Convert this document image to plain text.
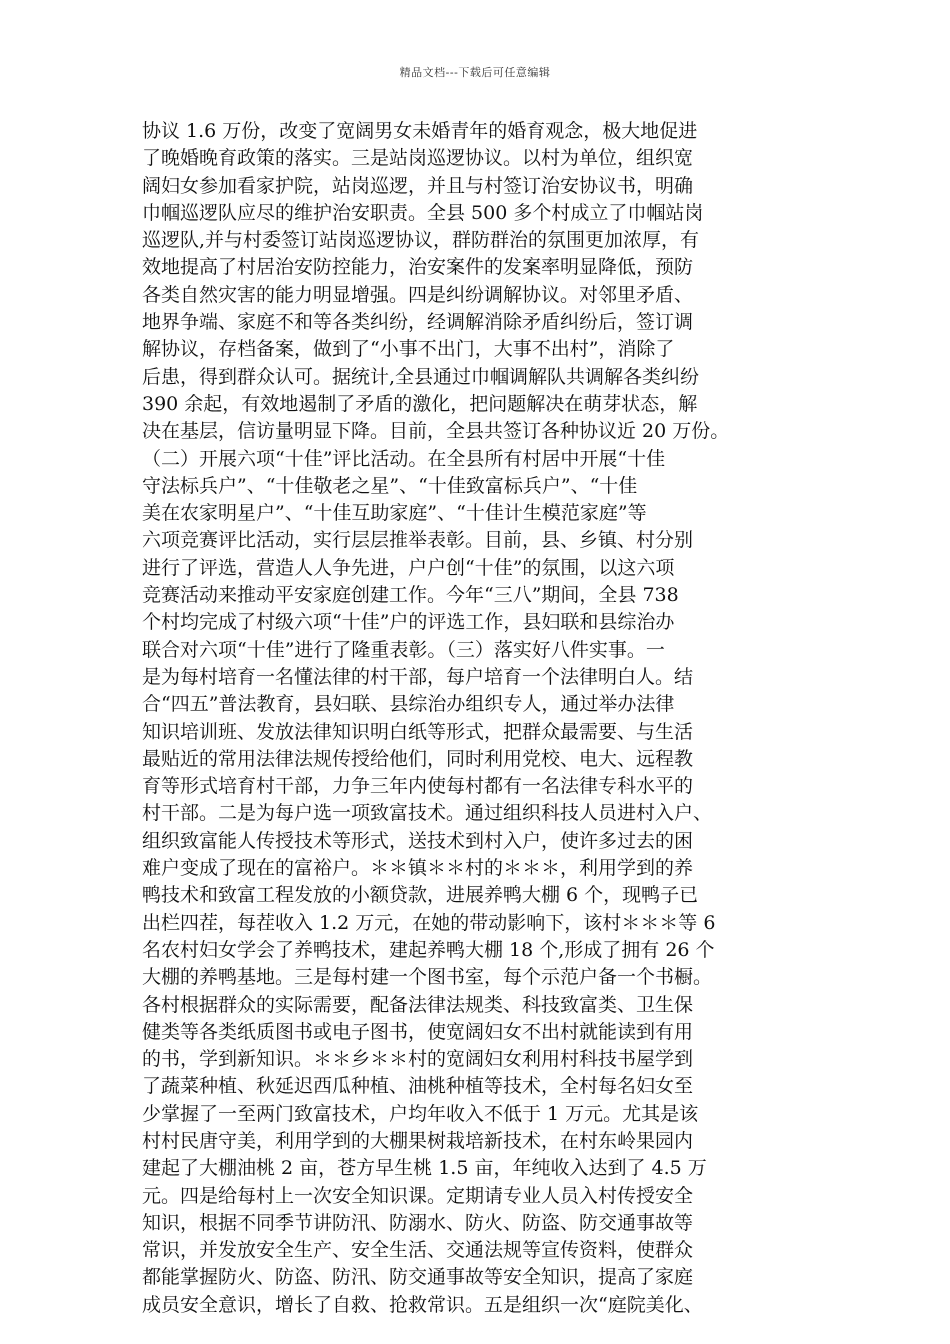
精品文档---下载后可任意编辑
协议 1.6 万份，改变了宽阔男女未婚青年的婚育观念，极大地促进
了晚婚晚育政策的落实。三是站岗巡逻协议。以村为单位，组织宽
阔妇女参加看家护院，站岗巡逻，并且与村签订治安协议书，明确
巾帼巡逻队应尽的维护治安职责。全县 500 多个村成立了巾帼站岗
巡逻队,并与村委签订站岗巡逻协议，群防群治的氛围更加浓厚，有
效地提高了村居治安防控能力，治安案件的发案率明显降低，预防
各类自然灾害的能力明显增强。四是纠纷调解协议。对邻里矛盾、
地界争端、家庭不和等各类纠纷，经调解消除矛盾纠纷后，签订调
解协议，存档备案，做到了“小事不出门，大事不出村”，消除了
后患，得到群众认可。据统计,全县通过巾帼调解队共调解各类纠纷
390 余起，有效地遏制了矛盾的激化，把问题解决在萌芽状态，解
决在基层，信访量明显下降。目前，全县共签订各种协议近 20 万份。
（二）开展六项“十佳”评比活动。在全县所有村居中开展“十佳
守法标兵户”、“十佳敬老之星”、“十佳致富标兵户”、“十佳
美在农家明星户”、“十佳互助家庭”、“十佳计生模范家庭”等
六项竞赛评比活动，实行层层推举表彰。目前，县、乡镇、村分别
进行了评选，营造人人争先进，户户创“十佳”的氛围，以这六项
竞赛活动来推动平安家庭创建工作。今年“三八”期间，全县 738
个村均完成了村级六项“十佳”户的评选工作，县妇联和县综治办
联合对六项“十佳”进行了隆重表彰。（三）落实好八件实事。一
是为每村培育一名懂法律的村干部，每户培育一个法律明白人。结
合“四五”普法教育，县妇联、县综治办组织专人，通过举办法律
知识培训班、发放法律知识明白纸等形式，把群众最需要、与生活
最贴近的常用法律法规传授给他们，同时利用党校、电大、远程教
育等形式培育村干部，力争三年内使每村都有一名法律专科水平的
村干部。二是为每户选一项致富技术。通过组织科技人员进村入户、
组织致富能人传授技术等形式，送技术到村入户，使许多过去的困
难户变成了现在的富裕户。＊＊镇＊＊村的＊＊＊，利用学到的养
鸭技术和致富工程发放的小额贷款，进展养鸭大棚 6 个，现鸭子已
出栏四茬，每茬收入 1.2 万元，在她的带动影响下，该村＊＊＊等 6
名农村妇女学会了养鸭技术，建起养鸭大棚 18 个,形成了拥有 26 个
大棚的养鸭基地。三是每村建一个图书室，每个示范户备一个书橱。
各村根据群众的实际需要，配备法律法规类、科技致富类、卫生保
健类等各类纸质图书或电子图书，使宽阔妇女不出村就能读到有用
的书，学到新知识。＊＊乡＊＊村的宽阔妇女利用村科技书屋学到
了蔬菜种植、秋延迟西瓜种植、油桃种植等技术，全村每名妇女至
少掌握了一至两门致富技术，户均年收入不低于 1 万元。尤其是该
村村民唐守美，利用学到的大棚果树栽培新技术，在村东岭果园内
建起了大棚油桃 2 亩，苍方早生桃 1.5 亩，年纯收入达到了 4.5 万
元。四是给每村上一次安全知识课。定期请专业人员入村传授安全
知识，根据不同季节讲防汛、防溺水、防火、防盗、防交通事故等
常识，并发放安全生产、安全生活、交通法规等宣传资料，使群众
都能掌握防火、防盗、防汛、防交通事故等安全知识，提高了家庭
成员安全意识，增长了自救、抢救常识。五是组织一次“庭院美化、
